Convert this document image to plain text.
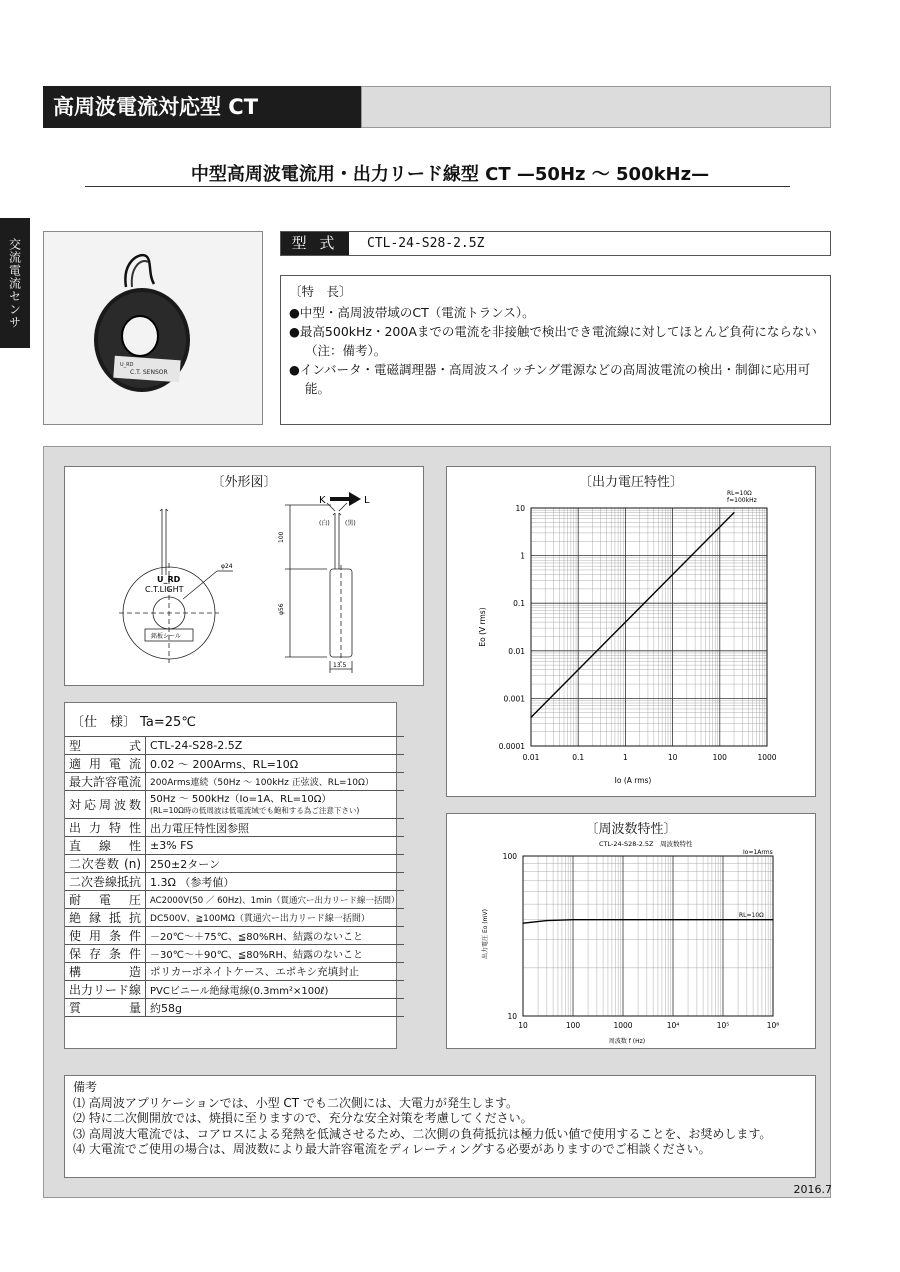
高周波電流対応型 CT
中型高周波電流用・出力リード線型 CT —50Hz ～ 500kHz—
交流電流センサ
U_RD
C.T. SENSOR
型 式	CTL-24-S28-2.5Z
〔特　長〕
●中型・高周波帯域のCT（電流トランス）。
●最高500kHz・200Aまでの電流を非接触で検出でき電流線に対してほとんど負荷にならない（注：備考）。
●インバータ・電磁調理器・高周波スイッチング電源などの高周波電流の検出・制御に応用可能。
〔外形図〕
K	L
(白)	(黒)
U_RD
C.T.LIGHT
銘板シール
φ24
100
φ56
13.5
〔仕　様〕 Ta=25℃
型式	CTL-24-S28-2.5Z
適用電流	0.02 ～ 200Arms、RL=10Ω
最大許容電流	200Arms連続（50Hz ～ 100kHz 正弦波、RL=10Ω）
対応周波数	50Hz ～ 500kHz（Io=1A、RL=10Ω）
(RL=10Ω時の低周波は低電流域でも飽和する為ご注意下さい)

出力特性	出力電圧特性図参照
直線性	±3% FS
二次巻数 (n)	250±2ターン
二次巻線抵抗	1.3Ω （参考値）
耐電圧	AC2000V(50 ／ 60Hz)、1min（貫通穴ー出力リード線一括間）
絶縁抵抗	DC500V、≧100MΩ（貫通穴ー出力リード線一括間）
使用条件	－20℃～＋75℃、≦80%RH、結露のないこと
保存条件	－30℃～＋90℃、≦80%RH、結露のないこと
構造	ポリカーボネイトケース、エポキシ充填封止
出力リード線	PVCビニール絶縁電線(0.3mm²×100ℓ)
質量	約58g
〔出力電圧特性〕
RL=10Ω
f=100kHz
Io (A rms)
Eo (V rms)
0.01	0.1	1	10	100	1000
10
1
0.1
0.01
0.001
0.0001
〔周波数特性〕
CTL-24-S28-2.5Z　周波数特性
Io=1Arms
RL=10Ω
周波数 f (Hz)
出力電圧 Eo (mV)
10	100	1000	10⁴	10⁵	10⁶
100
10
備考
⑴ 高周波アプリケーションでは、小型 CT でも二次側には、大電力が発生します。
⑵ 特に二次側開放では、焼損に至りますので、充分な安全対策を考慮してください。
⑶ 高周波大電流では、コアロスによる発熱を低減させるため、二次側の負荷抵抗は極力低い値で使用することを、お奨めします。
⑷ 大電流でご使用の場合は、周波数により最大許容電流をディレーティングする必要がありますのでご相談ください。
2016.7
